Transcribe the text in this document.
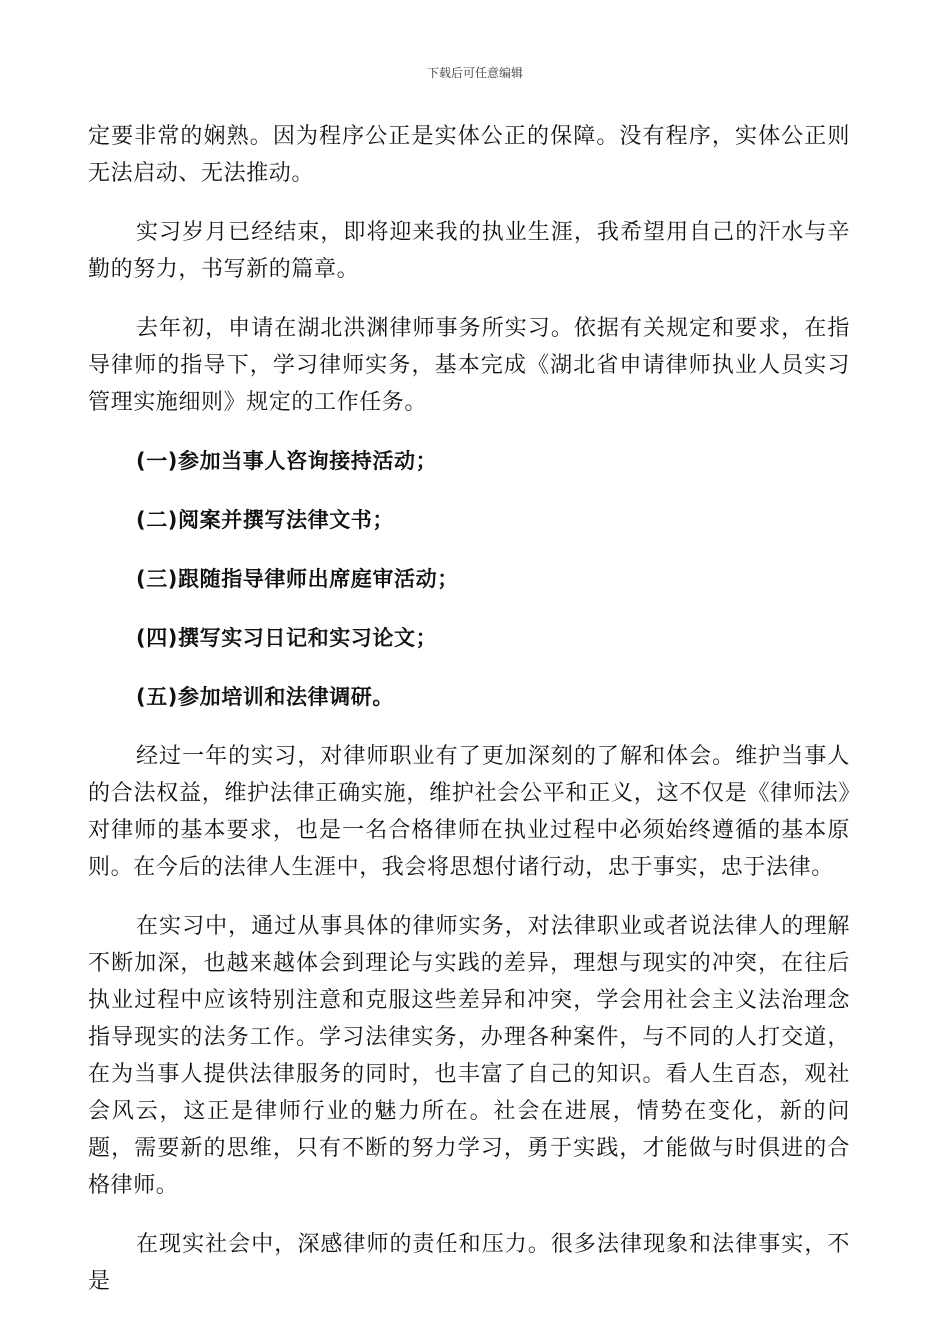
下载后可任意编辑

定要非常的娴熟。因为程序公正是实体公正的保障。没有程序，实体公正则无法启动、无法推动。

实习岁月已经结束，即将迎来我的执业生涯，我希望用自己的汗水与辛勤的努力，书写新的篇章。

去年初，申请在湖北洪渊律师事务所实习。依据有关规定和要求，在指导律师的指导下，学习律师实务，基本完成《湖北省申请律师执业人员实习管理实施细则》规定的工作任务。

(一)参加当事人咨询接持活动；
(二)阅案并撰写法律文书；
(三)跟随指导律师出席庭审活动；
(四)撰写实习日记和实习论文；
(五)参加培训和法律调研。

经过一年的实习，对律师职业有了更加深刻的了解和体会。维护当事人的合法权益，维护法律正确实施，维护社会公平和正义，这不仅是《律师法》对律师的基本要求，也是一名合格律师在执业过程中必须始终遵循的基本原则。在今后的法律人生涯中，我会将思想付诸行动，忠于事实，忠于法律。

在实习中，通过从事具体的律师实务，对法律职业或者说法律人的理解不断加深，也越来越体会到理论与实践的差异，理想与现实的冲突，在往后执业过程中应该特别注意和克服这些差异和冲突，学会用社会主义法治理念指导现实的法务工作。学习法律实务，办理各种案件，与不同的人打交道，在为当事人提供法律服务的同时，也丰富了自己的知识。看人生百态，观社会风云，这正是律师行业的魅力所在。社会在进展，情势在变化，新的问题，需要新的思维，只有不断的努力学习，勇于实践，才能做与时俱进的合格律师。

在现实社会中，深感律师的责任和压力。很多法律现象和法律事实，不是
